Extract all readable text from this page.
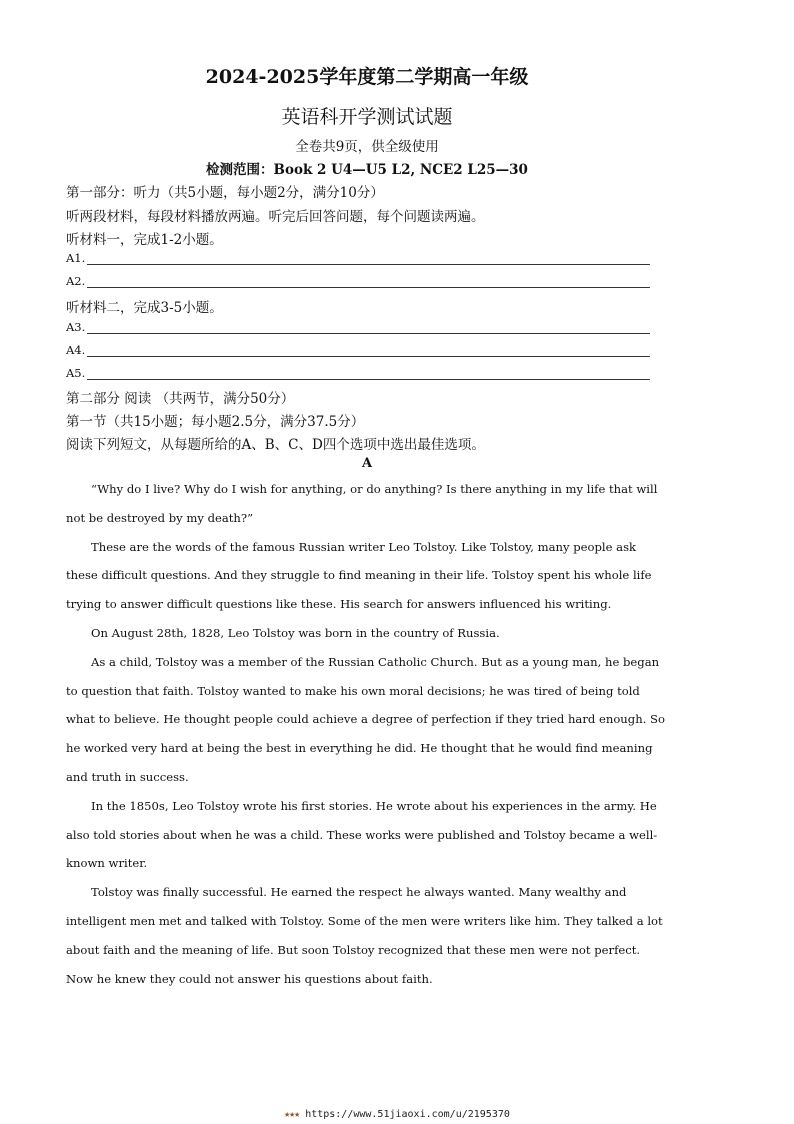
2024-2025学年度第二学期高一年级
英语科开学测试试题
全卷共9页，供全级使用
检测范围：Book 2 U4—U5 L2, NCE2 L25—30
第一部分：听力（共5小题，每小题2分，满分10分）
听两段材料，每段材料播放两遍。听完后回答问题，每个问题读两遍。
听材料一，完成1-2小题。
A1.
A2.
听材料二，完成3-5小题。
A3.
A4.
A5.
第二部分 阅读 （共两节，满分50分）
第一节（共15小题；每小题2.5分，满分37.5分）
阅读下列短文，从每题所给的A、B、C、D四个选项中选出最佳选项。
A

“Why do I live? Why do I wish for anything, or do anything? Is there anything in my life that will not be destroyed by my death?”

These are the words of the famous Russian writer Leo Tolstoy. Like Tolstoy, many people ask these difficult questions. And they struggle to find meaning in their life. Tolstoy spent his whole life trying to answer difficult questions like these. His search for answers influenced his writing.

On August 28th, 1828, Leo Tolstoy was born in the country of Russia.

As a child, Tolstoy was a member of the Russian Catholic Church. But as a young man, he began to question that faith. Tolstoy wanted to make his own moral decisions; he was tired of being told what to believe. He thought people could achieve a degree of perfection if they tried hard enough. So he worked very hard at being the best in everything he did. He thought that he would find meaning and truth in success.

In the 1850s, Leo Tolstoy wrote his first stories. He wrote about his experiences in the army. He also told stories about when he was a child. These works were published and Tolstoy became a well-known writer.

Tolstoy was finally successful. He earned the respect he always wanted. Many wealthy and intelligent men met and talked with Tolstoy. Some of the men were writers like him. They talked a lot about faith and the meaning of life. But soon Tolstoy recognized that these men were not perfect. Now he knew they could not answer his questions about faith.

★★★ https://www.51jiaoxi.com/u/2195370
